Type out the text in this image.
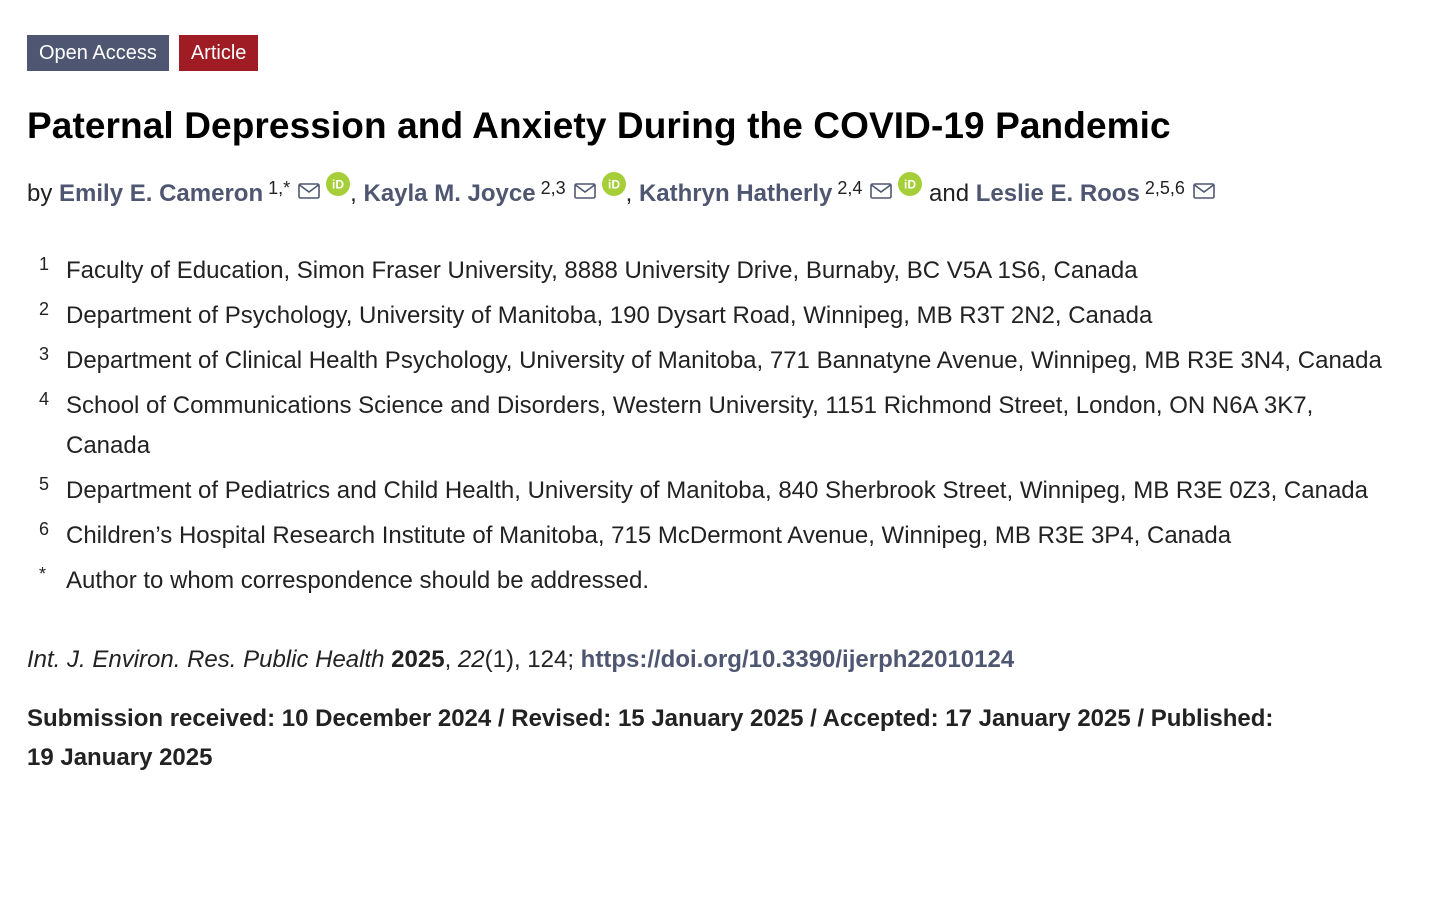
Open Access	Article
Paternal Depression and Anxiety During the COVID-19 Pandemic
by Emily E. Cameron $^{1,*}$	iD , Kayla M. Joyce $^{2,3}$	iD , Kathryn Hatherly $^{2,4}$	iD and Leslie E. Roos $^{2,5,6}$
1 Faculty of Education, Simon Fraser University, 8888 University Drive, Burnaby, BC V5A 1S6, Canada
2 Department of Psychology, University of Manitoba, 190 Dysart Road, Winnipeg, MB R3T 2N2, Canada
3 Department of Clinical Health Psychology, University of Manitoba, 771 Bannatyne Avenue, Winnipeg, MB R3E 3N4, Canada
4 School of Communications Science and Disorders, Western University, 1151 Richmond Street, London, ON N6A 3K7, Canada
5 Department of Pediatrics and Child Health, University of Manitoba, 840 Sherbrook Street, Winnipeg, MB R3E 0Z3, Canada
6 Children’s Hospital Research Institute of Manitoba, 715 McDermont Avenue, Winnipeg, MB R3E 3P4, Canada
* Author to whom correspondence should be addressed.
Int. J. Environ. Res. Public Health 2025, 22(1), 124; https://doi.org/10.3390/ijerph22010124
Submission received: 10 December 2024 / Revised: 15 January 2025 / Accepted: 17 January 2025 / Published: 19 January 2025
